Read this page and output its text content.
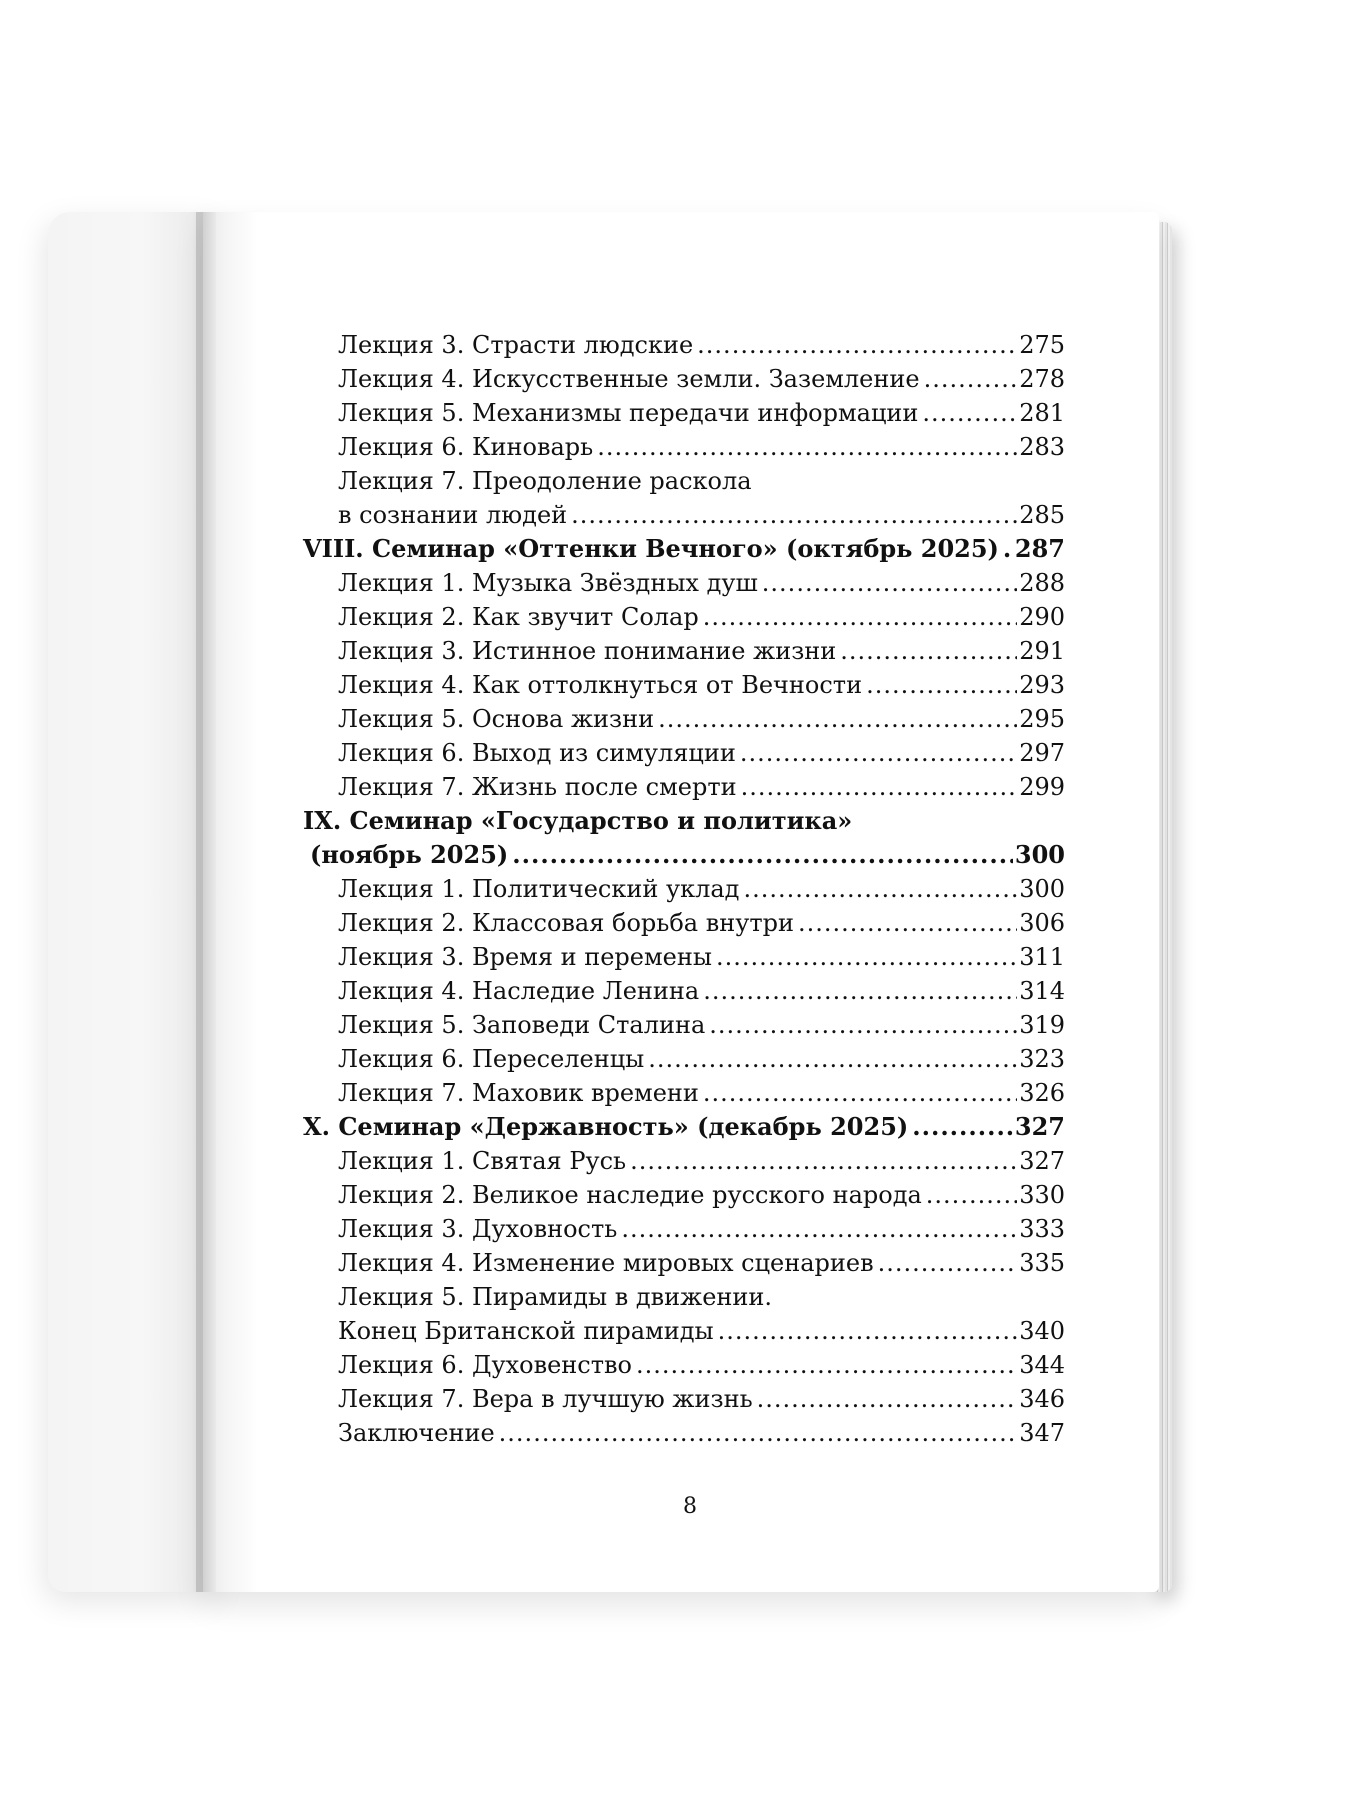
Лекция 3. Страсти людские .....	275
Лекция 4. Искусственные земли. Заземление .....	278
Лекция 5. Механизмы передачи информации .....	281
Лекция 6. Киноварь .....	283
Лекция 7. Преодоление раскола
в сознании людей .....	285
VIII. Семинар «Оттенки Вечного» (октябрь 2025) ..... 287
Лекция 1. Музыка Звёздных душ .....	288
Лекция 2. Как звучит Солар .....	290
Лекция 3. Истинное понимание жизни .....	291
Лекция 4. Как оттолкнуться от Вечности .....	293
Лекция 5. Основа жизни .....	295
Лекция 6. Выход из симуляции .....	297
Лекция 7. Жизнь после смерти .....	299
IX. Семинар «Государство и политика»
(ноябрь 2025) .....	300
Лекция 1. Политический уклад .....	300
Лекция 2. Классовая борьба внутри .....	306
Лекция 3. Время и перемены .....	311
Лекция 4. Наследие Ленина .....	314
Лекция 5. Заповеди Сталина .....	319
Лекция 6. Переселенцы .....	323
Лекция 7. Маховик времени .....	326
X. Семинар «Державность» (декабрь 2025) .....	327
Лекция 1. Святая Русь .....	327
Лекция 2. Великое наследие русского народа .....	330
Лекция 3. Духовность .....	333
Лекция 4. Изменение мировых сценариев .....	335
Лекция 5. Пирамиды в движении.
Конец Британской пирамиды .....	340
Лекция 6. Духовенство .....	344
Лекция 7. Вера в лучшую жизнь .....	346
Заключение .....	347
8
